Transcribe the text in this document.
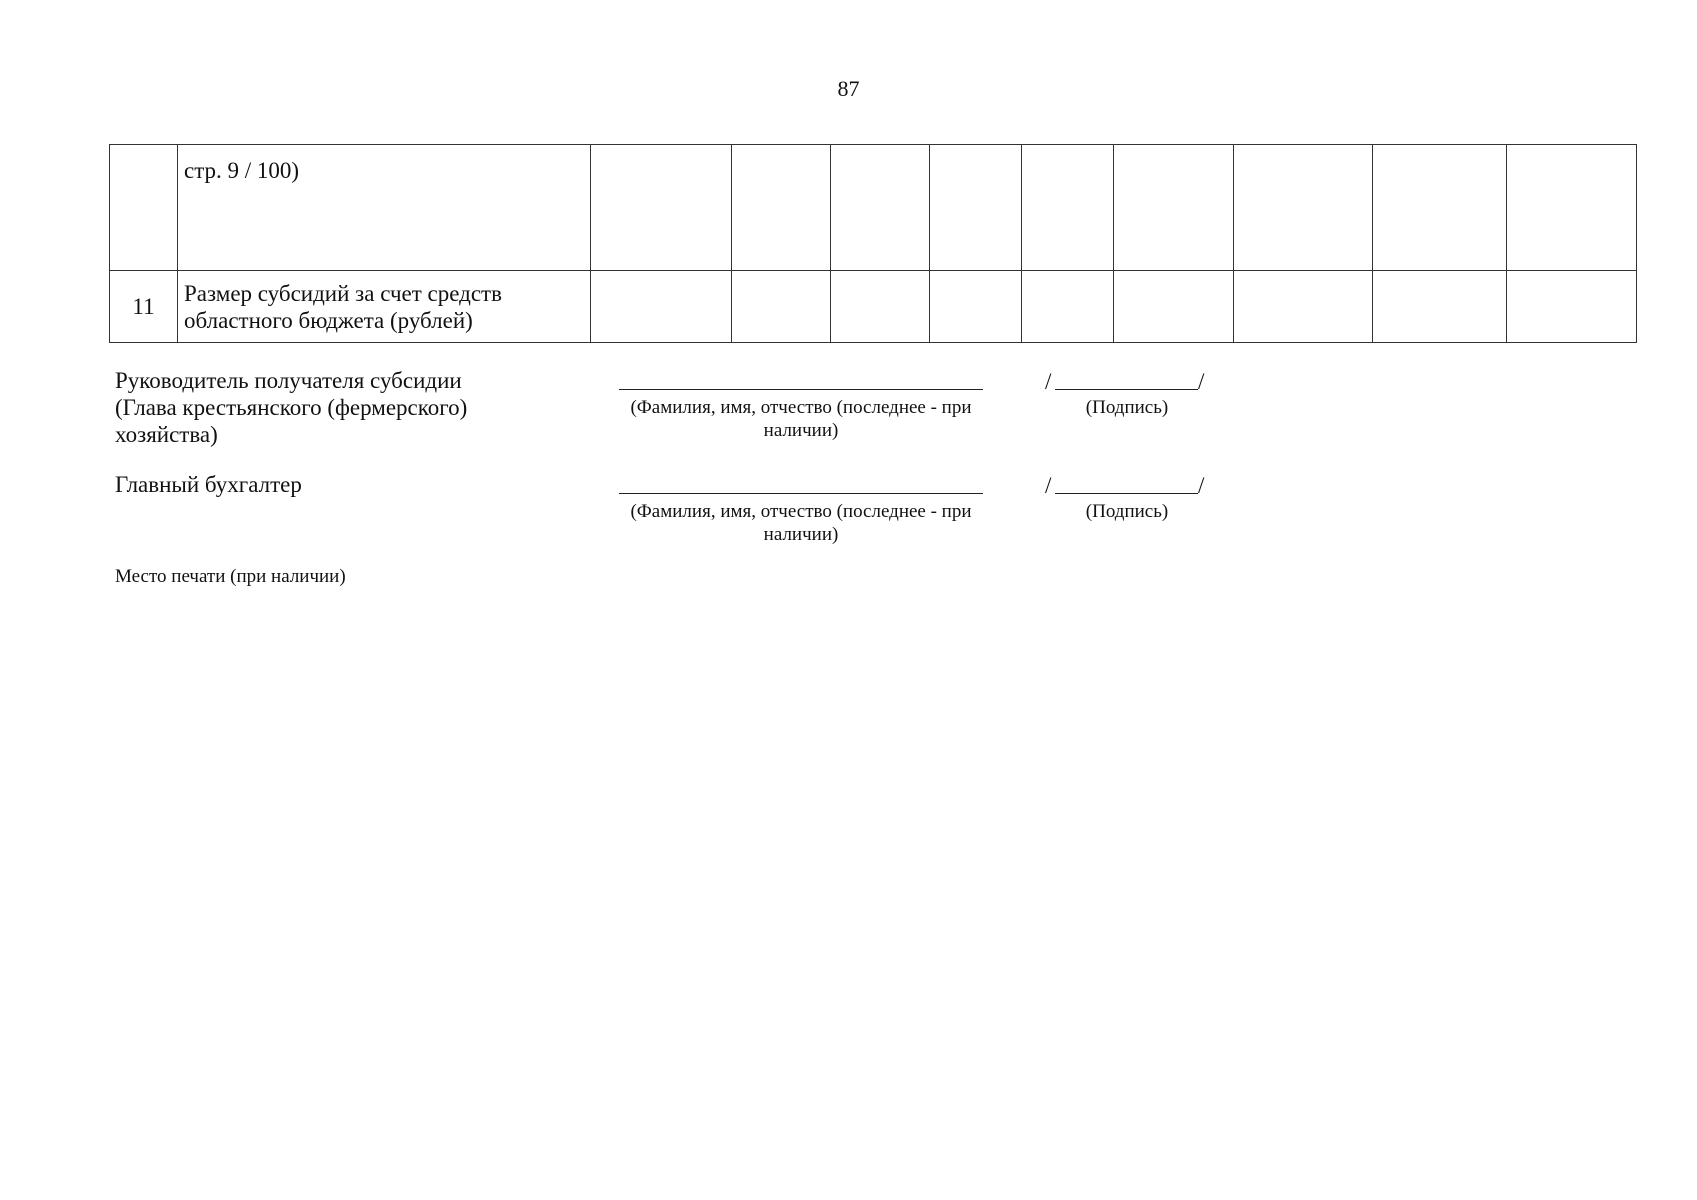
87
	стр. 9 / 100)									
11	Размер субсидий за счет средств областного бюджета (рублей)									
Руководитель получателя субсидии
(Глава крестьянского (фермерского)
хозяйства)
(Фамилия, имя, отчество (последнее - при
наличии)
/	/
(Подпись)
Главный бухгалтер
(Фамилия, имя, отчество (последнее - при
наличии)
/	/
(Подпись)
Место печати (при наличии)
